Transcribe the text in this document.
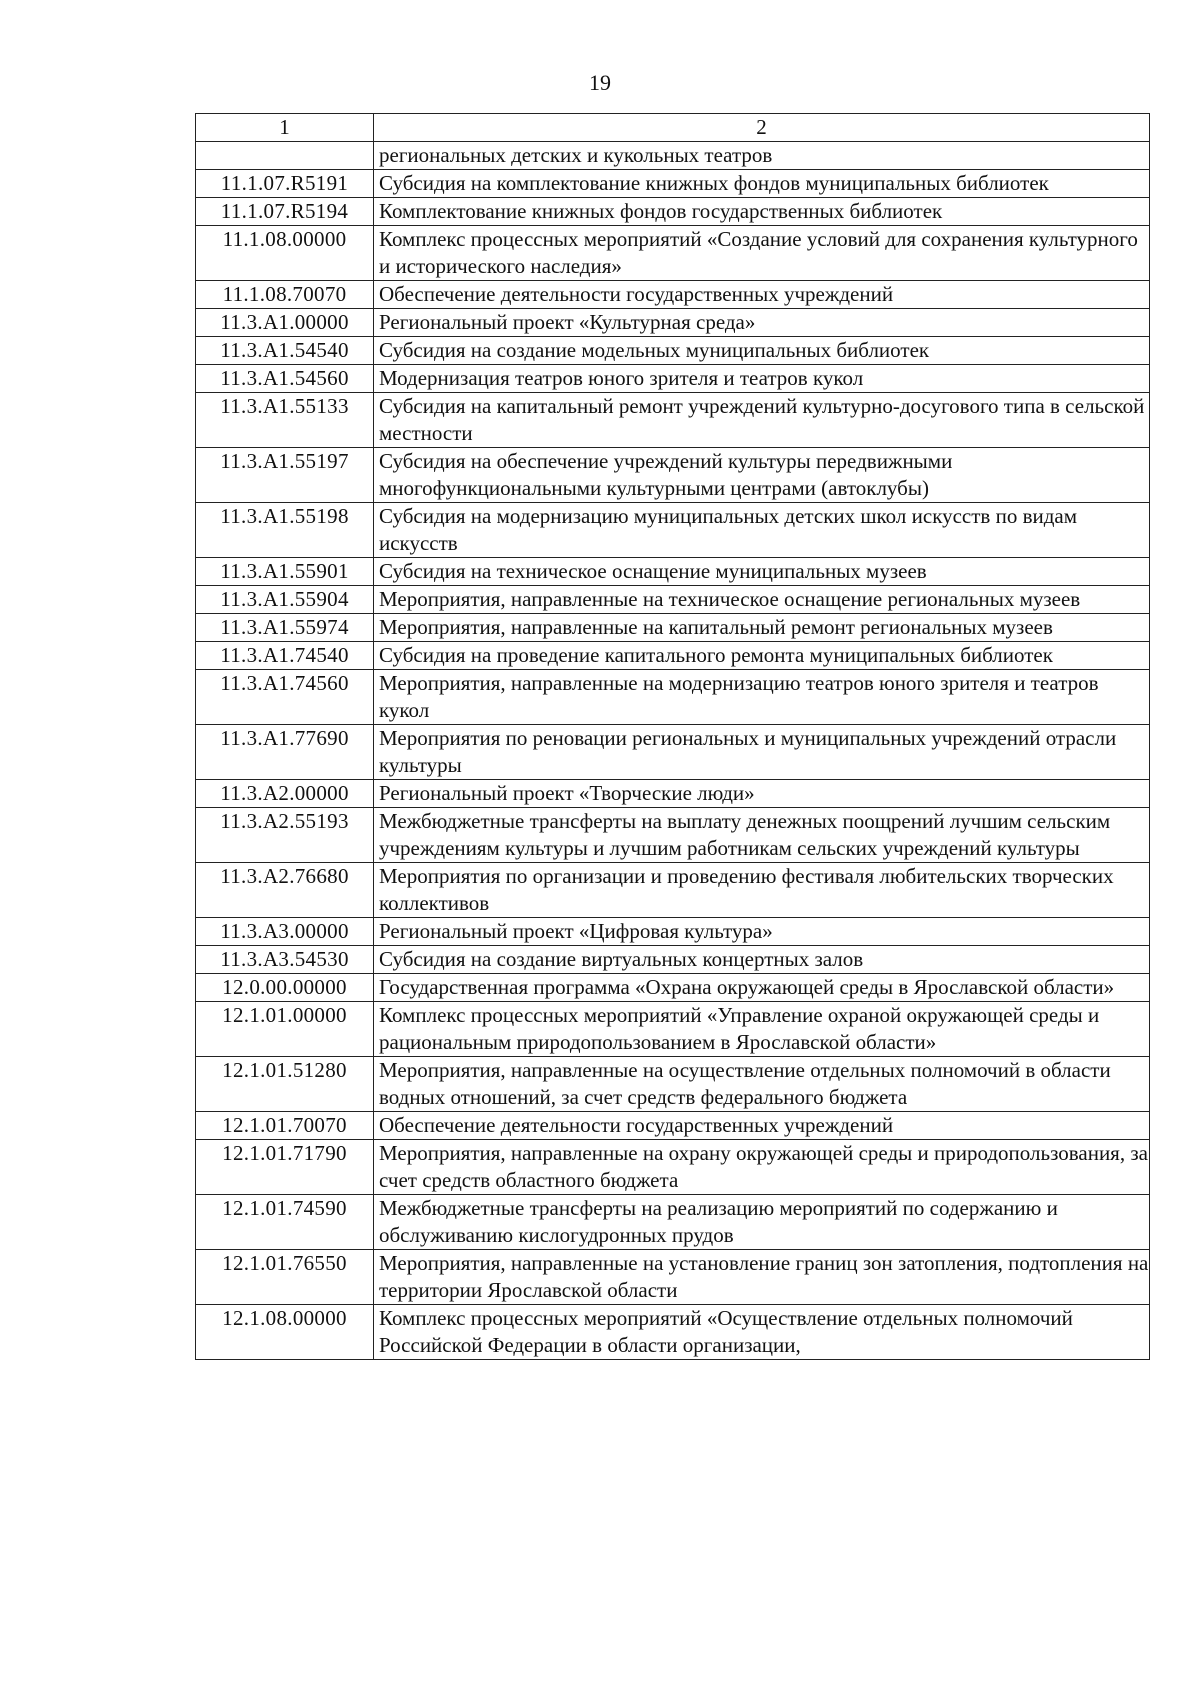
19
1	2
	региональных детских и кукольных театров
11.1.07.R5191	Субсидия на комплектование книжных фондов муниципальных библиотек
11.1.07.R5194	Комплектование книжных фондов государственных библиотек
11.1.08.00000	Комплекс процессных мероприятий «Создание условий для сохранения культурного и исторического наследия»
11.1.08.70070	Обеспечение деятельности государственных учреждений
11.3.A1.00000	Региональный проект «Культурная среда»
11.3.A1.54540	Субсидия на создание модельных муниципальных библиотек
11.3.A1.54560	Модернизация театров юного зрителя и театров кукол
11.3.A1.55133	Субсидия на капитальный ремонт учреждений культурно-досугового типа в сельской местности
11.3.A1.55197	Субсидия на обеспечение учреждений культуры передвижными многофункциональными культурными центрами (автоклубы)
11.3.A1.55198	Субсидия на модернизацию муниципальных детских школ искусств по видам искусств
11.3.A1.55901	Субсидия на техническое оснащение муниципальных музеев
11.3.A1.55904	Мероприятия, направленные на техническое оснащение региональных музеев
11.3.A1.55974	Мероприятия, направленные на капитальный ремонт региональных музеев
11.3.A1.74540	Субсидия на проведение капитального ремонта муниципальных библиотек
11.3.A1.74560	Мероприятия, направленные на модернизацию театров юного зрителя и театров кукол
11.3.A1.77690	Мероприятия по реновации региональных и муниципальных учреждений отрасли культуры
11.3.A2.00000	Региональный проект «Творческие люди»
11.3.A2.55193	Межбюджетные трансферты на выплату денежных поощрений лучшим сельским учреждениям культуры и лучшим работникам сельских учреждений культуры
11.3.A2.76680	Мероприятия по организации и проведению фестиваля любительских творческих коллективов
11.3.A3.00000	Региональный проект «Цифровая культура»
11.3.A3.54530	Субсидия на создание виртуальных концертных залов
12.0.00.00000	Государственная программа «Охрана окружающей среды в Ярославской области»
12.1.01.00000	Комплекс процессных мероприятий «Управление охраной окружающей среды и рациональным природопользованием в Ярославской области»
12.1.01.51280	Мероприятия, направленные на осуществление отдельных полномочий в области водных отношений, за счет средств федерального бюджета
12.1.01.70070	Обеспечение деятельности государственных учреждений
12.1.01.71790	Мероприятия, направленные на охрану окружающей среды и природопользования, за счет средств областного бюджета
12.1.01.74590	Межбюджетные трансферты на реализацию мероприятий по содержанию и обслуживанию кислогудронных прудов
12.1.01.76550	Мероприятия, направленные на установление границ зон затопления, подтопления на территории Ярославской области
12.1.08.00000	Комплекс процессных мероприятий «Осуществление отдельных полномочий Российской Федерации в области организации,
